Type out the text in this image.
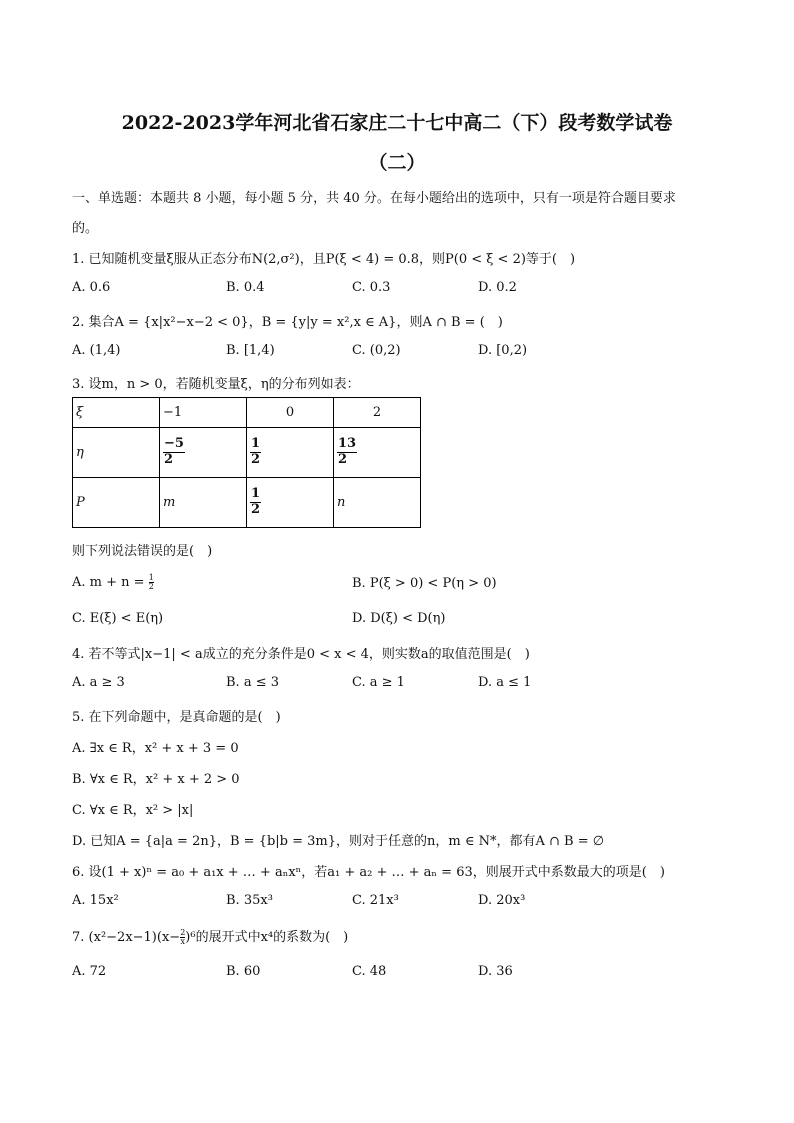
2022-2023学年河北省石家庄二十七中高二（下）段考数学试卷
（二）
一、单选题：本题共 8 小题，每小题 5 分，共 40 分。在每小题给出的选项中，只有一项是符合题目要求
的。
1. 已知随机变量ξ服从正态分布N(2,σ²)，且P(ξ < 4) = 0.8，则P(0 < ξ < 2)等于(　)
A. 0.6	B. 0.4	C. 0.3	D. 0.2
2. 集合A = {x|x²−x−2 < 0}，B = {y|y = x²,x ∈ A}，则A ∩ B = (　)
A. (1,4)	B. [1,4)	C. (0,2)	D. [0,2)
3. 设m，n > 0，若随机变量ξ，η的分布列如表：
ξ	−1	0	2
η	$\frac{-5}{2}$	$\frac{1}{2}$	$\frac{13}{2}$

P	m	$\frac{1}{2}$	n
则下列说法错误的是(　)
A. $m + n = \frac{1}{2}$	B. P(ξ > 0) < P(η > 0)
C. E(ξ) < E(η)	D. D(ξ) < D(η)
4. 若不等式|x−1| < a成立的充分条件是0 < x < 4，则实数a的取值范围是(　)
A. a ≥ 3	B. a ≤ 3	C. a ≥ 1	D. a ≤ 1
5. 在下列命题中，是真命题的是(　)
A. ∃x ∈ R，x² + x + 3 = 0
B. ∀x ∈ R，x² + x + 2 > 0
C. ∀x ∈ R，x² > |x|
D. 已知A = {a|a = 2n}，B = {b|b = 3m}，则对于任意的n，m ∈ N*，都有A ∩ B = ∅
6. 设(1 + x)ⁿ = a₀ + a₁x + … + aₙxⁿ，若a₁ + a₂ + … + aₙ = 63，则展开式中系数最大的项是(　)
A. 15x²	B. 35x³	C. 21x³	D. 20x³
7. $(x^2-2x-1)(x- \frac{2}{x} )^6$的展开式中x⁴的系数为(　)
A. 72	B. 60	C. 48	D. 36
